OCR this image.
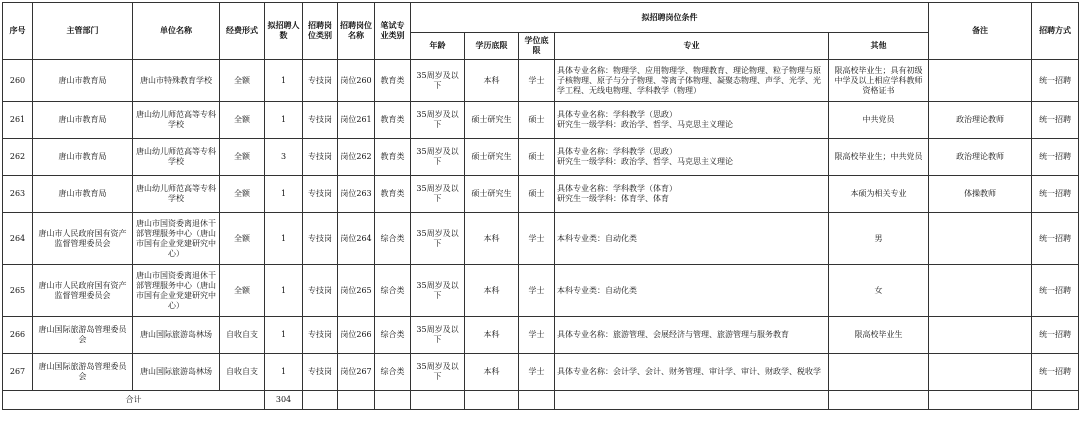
序号	主管部门	单位名称	经费形式	拟招聘人数	招聘岗位类别	招聘岗位名称	笔试专业类别	拟招聘岗位条件					备注	招聘方式
								年龄	学历底限	学位底限	专业	其他		
260	唐山市教育局	唐山市特殊教育学校	全额	1	专技岗	岗位260	教育类	35周岁及以下	本科	学士	具体专业名称：物理学、应用物理学、物理教育、理论物理、粒子物理与原子核物理、原子与分子物理、等离子体物理、凝聚态物理、声学、光学、光学工程、无线电物理、学科教学（物理）	限高校毕业生；具有初级中学及以上相应学科教师资格证书		统一招聘
261	唐山市教育局	唐山幼儿师范高等专科学校	全额	1	专技岗	岗位261	教育类	35周岁及以下	硕士研究生	硕士	具体专业名称：学科教学（思政）
研究生一级学科：政治学、哲学、马克思主义理论	中共党员	政治理论教师	统一招聘
262	唐山市教育局	唐山幼儿师范高等专科学校	全额	3	专技岗	岗位262	教育类	35周岁及以下	硕士研究生	硕士	具体专业名称：学科教学（思政）
研究生一级学科：政治学、哲学、马克思主义理论	限高校毕业生；中共党员	政治理论教师	统一招聘
263	唐山市教育局	唐山幼儿师范高等专科学校	全额	1	专技岗	岗位263	教育类	35周岁及以下	硕士研究生	硕士	具体专业名称：学科教学（体育）
研究生一级学科：体育学、体育	本硕为相关专业	体操教师	统一招聘
264	唐山市人民政府国有资产监督管理委员会	唐山市国资委离退休干部管理服务中心（唐山市国有企业党建研究中心）	全额	1	专技岗	岗位264	综合类	35周岁及以下	本科	学士	本科专业类：自动化类	男		统一招聘
265	唐山市人民政府国有资产监督管理委员会	唐山市国资委离退休干部管理服务中心（唐山市国有企业党建研究中心）	全额	1	专技岗	岗位265	综合类	35周岁及以下	本科	学士	本科专业类：自动化类	女		统一招聘
266	唐山国际旅游岛管理委员会	唐山国际旅游岛林场	自收自支	1	专技岗	岗位266	综合类	35周岁及以下	本科	学士	具体专业名称：旅游管理、会展经济与管理、旅游管理与服务教育	限高校毕业生		统一招聘
267	唐山国际旅游岛管理委员会	唐山国际旅游岛林场	自收自支	1	专技岗	岗位267	综合类	35周岁及以下	本科	学士	具体专业名称：会计学、会计、财务管理、审计学、审计、财政学、税收学			统一招聘
合计				304										
